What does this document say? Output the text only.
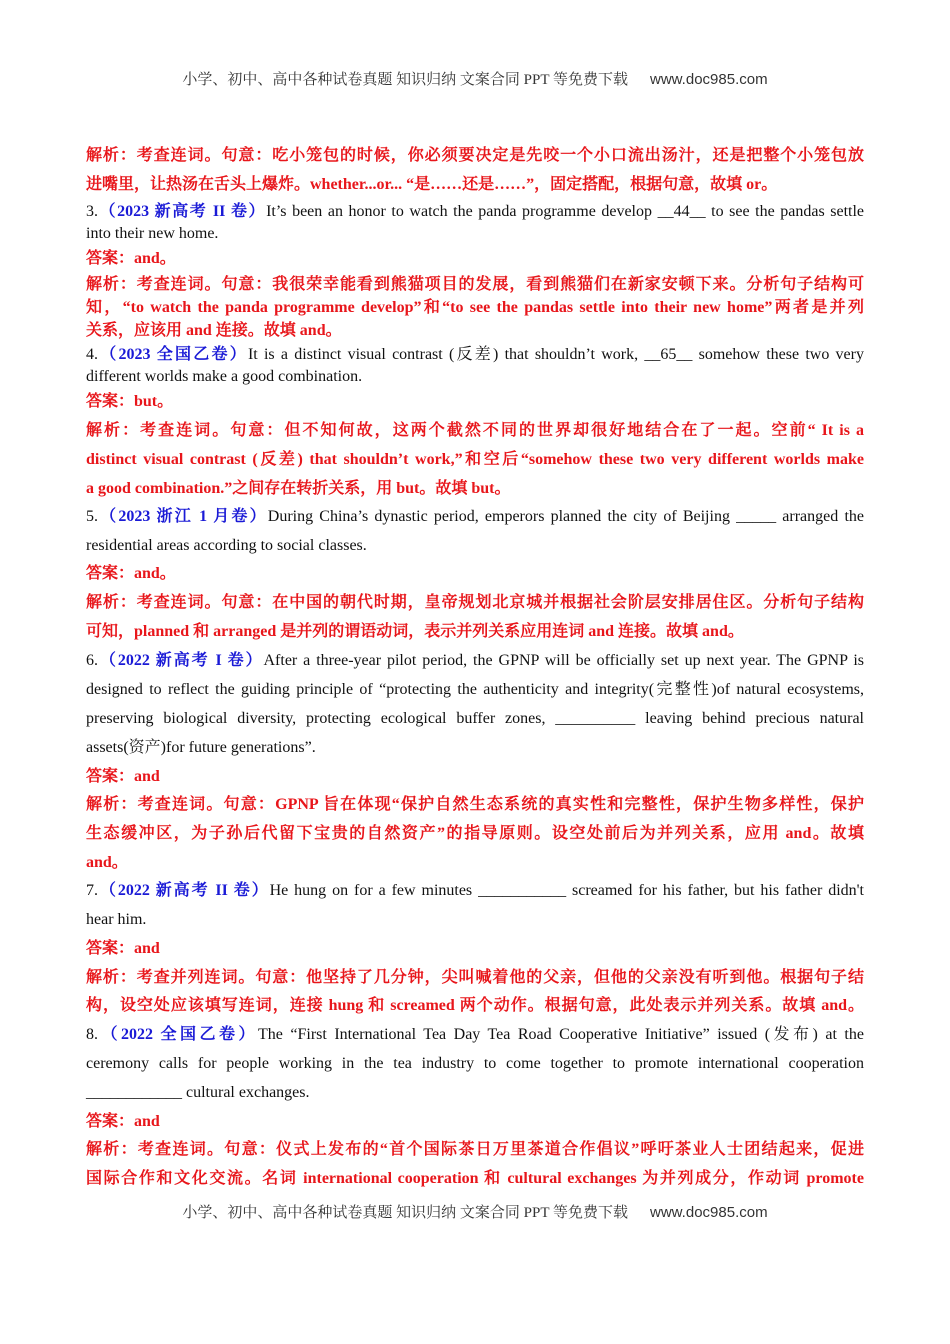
小学、初中、高中各种试卷真题 知识归纳 文案合同 PPT 等免费下载 www.doc985.com
解析：考查连词。句意：吃小笼包的时候，你必须要决定是先咬一个小口流出汤汁，还是把整个小笼包放
进嘴里，让热汤在舌头上爆炸。whether...or... “是……还是……”，固定搭配，根据句意，故填 or。
3.（2023 新高考 II 卷）It’s been an honor to watch the panda programme develop __44__ to see the pandas settle
into their new home.
答案：and。
解析：考查连词。句意：我很荣幸能看到熊猫项目的发展，看到熊猫们在新家安顿下来。分析句子结构可
知，“to watch the panda programme develop”和“to see the pandas settle into their new home”两者是并列
关系，应该用 and 连接。故填 and。
4.（2023 全国乙卷）It is a distinct visual contrast (反差) that shouldn’t work, __65__ somehow these two very
different worlds make a good combination.
答案：but。
解析：考查连词。句意：但不知何故，这两个截然不同的世界却很好地结合在了一起。空前“ It is a
distinct visual contrast (反差) that shouldn’t work,”和空后“somehow these two very different worlds make
a good combination.”之间存在转折关系，用 but。故填 but。
5.（2023 浙江 1 月卷）During China’s dynastic period, emperors planned the city of Beijing _____ arranged the
residential areas according to social classes.
答案：and。
解析：考查连词。句意：在中国的朝代时期，皇帝规划北京城并根据社会阶层安排居住区。分析句子结构
可知，planned 和 arranged 是并列的谓语动词，表示并列关系应用连词 and 连接。故填 and。
6.（2022 新高考 I 卷）After a three-year pilot period, the GPNP will be officially set up next year. The GPNP is
designed to reflect the guiding principle of “protecting the authenticity and integrity(完整性)of natural ecosystems,
preserving biological diversity, protecting ecological buffer zones, __________ leaving behind precious natural
assets(资产)for future generations”.
答案：and
解析：考查连词。句意：GPNP 旨在体现“保护自然生态系统的真实性和完整性，保护生物多样性，保护
生态缓冲区，为子孙后代留下宝贵的自然资产”的指导原则。设空处前后为并列关系，应用 and。故填
and。
7.（2022 新高考 II 卷）He hung on for a few minutes ___________ screamed for his father, but his father didn't
hear him.
答案：and
解析：考查并列连词。句意：他坚持了几分钟，尖叫喊着他的父亲，但他的父亲没有听到他。根据句子结
构，设空处应该填写连词，连接 hung 和 screamed 两个动作。根据句意，此处表示并列关系。故填 and。
8.（2022 全国乙卷）The “First International Tea Day Tea Road Cooperative Initiative” issued (发布) at the
ceremony calls for people working in the tea industry to come together to promote international cooperation
____________ cultural exchanges.
答案：and
解析：考查连词。句意：仪式上发布的“首个国际茶日万里茶道合作倡议”呼吁茶业人士团结起来，促进
国际合作和文化交流。名词 international cooperation 和 cultural exchanges 为并列成分，作动词 promote
小学、初中、高中各种试卷真题 知识归纳 文案合同 PPT 等免费下载 www.doc985.com
